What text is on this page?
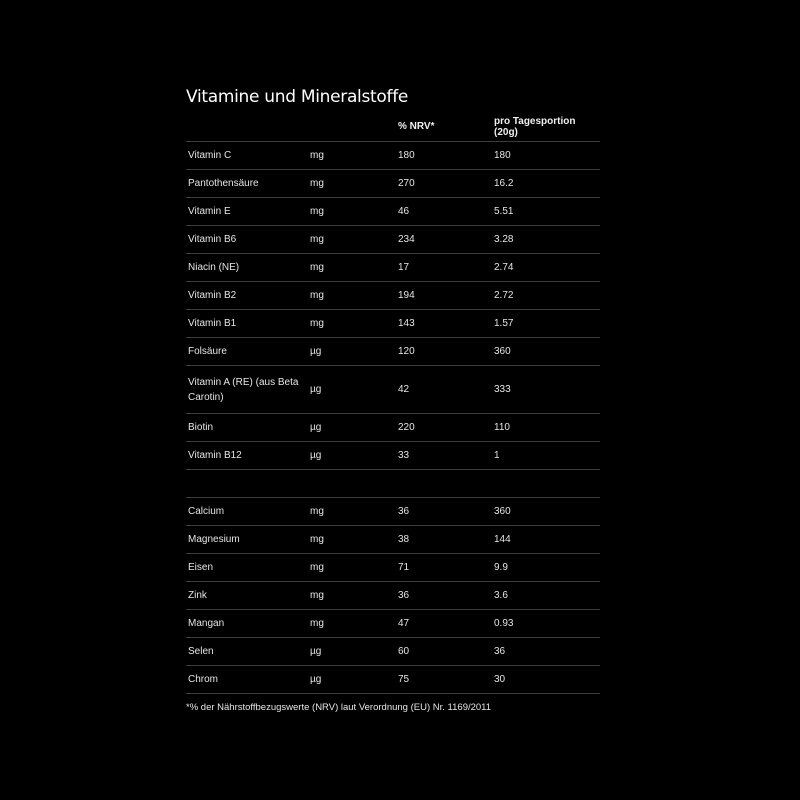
Vitamine und Mineralstoffe
		% NRV*	pro Tagesportion (20g)
Vitamin C	mg	180	180
Pantothensäure	mg	270	16.2
Vitamin E	mg	46	5.51
Vitamin B6	mg	234	3.28
Niacin (NE)	mg	17	2.74
Vitamin B2	mg	194	2.72
Vitamin B1	mg	143	1.57
Folsäure	µg	120	360
Vitamin A (RE) (aus Beta Carotin)	µg	42	333
Biotin	µg	220	110
Vitamin B12	µg	33	1

Calcium	mg	36	360
Magnesium	mg	38	144
Eisen	mg	71	9.9
Zink	mg	36	3.6
Mangan	mg	47	0.93
Selen	µg	60	36
Chrom	µg	75	30
*% der Nährstoffbezugswerte (NRV) laut Verordnung (EU) Nr. 1169/2011
